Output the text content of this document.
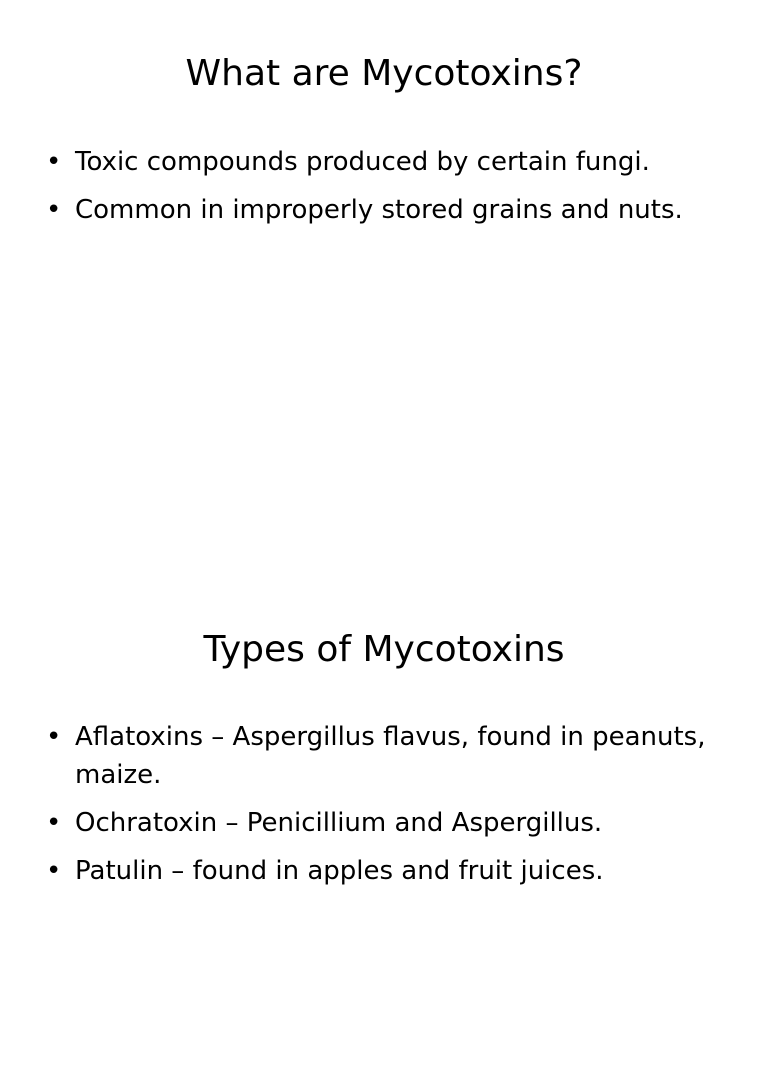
What are Mycotoxins?
• Toxic compounds produced by certain fungi.
• Common in improperly stored grains and nuts.
Types of Mycotoxins
• Aflatoxins – Aspergillus flavus, found in peanuts, maize.
• Ochratoxin – Penicillium and Aspergillus.
• Patulin – found in apples and fruit juices.
